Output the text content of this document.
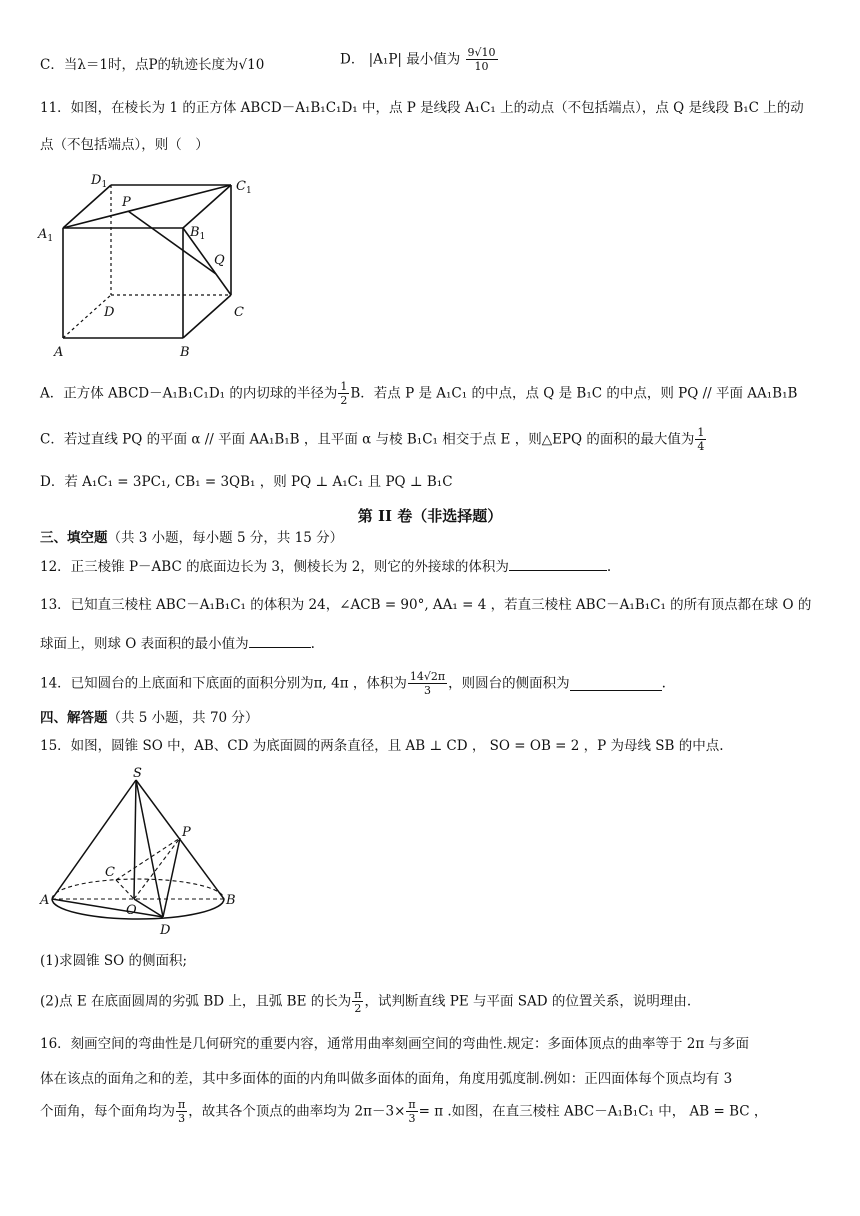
C．当λ＝1时，点P的轨迹长度为√10	D． |A₁P| 最小值为 $\frac{9√10}{10}$
11．如图，在棱长为 1 的正方体 ABCD－A₁B₁C₁D₁ 中，点 P 是线段 A₁C₁ 上的动点（不包括端点），点 Q 是线段 B₁C 上的动
点（不包括端点），则（　）
$D_1$	$C_1$
$A_1$	$B_1$
P
Q
D	C
A	B
A．正方体 ABCD－A₁B₁C₁D₁ 的内切球的半径为 $\frac{1}{2}$ B．若点 P 是 A₁C₁ 的中点，点 Q 是 B₁C 的中点，则 PQ // 平面 AA₁B₁B
C．若过直线 PQ 的平面 α // 平面 AA₁B₁B ，且平面 α 与棱 B₁C₁ 相交于点 E ，则△EPQ 的面积的最大值为 $\frac{1}{4}$
D．若 A₁C₁ = 3PC₁, CB₁ = 3QB₁ ，则 PQ ⊥ A₁C₁ 且 PQ ⊥ B₁C
第 II 卷（非选择题）
三、填空题（共 3 小题，每小题 5 分，共 15 分）
12．正三棱锥 P－ABC 的底面边长为 3，侧棱长为 2，则它的外接球的体积为	.
13．已知直三棱柱 ABC－A₁B₁C₁ 的体积为 24，∠ACB = 90°, AA₁ = 4 ，若直三棱柱 ABC－A₁B₁C₁ 的所有顶点都在球 O 的
球面上，则球 O 表面积的最小值为	.
14．已知圆台的上底面和下底面的面积分别为π, 4π ，体积为 $\frac{14√2\pi}{3}$ ，则圆台的侧面积为	.
四、解答题（共 5 小题，共 70 分）
15．如图，圆锥 SO 中，AB、CD 为底面圆的两条直径，且 AB ⊥ CD ， SO = OB = 2 ，P 为母线 SB 的中点.
S
P
C
A
O
B
D
(1)求圆锥 SO 的侧面积;
(2)点 E 在底面圆周的劣弧 BD 上，且弧 BE 的长为 $\frac{\pi}{2}$ ，试判断直线 PE 与平面 SAD 的位置关系，说明理由.
16．刻画空间的弯曲性是几何研究的重要内容，通常用曲率刻画空间的弯曲性.规定：多面体顶点的曲率等于 2π 与多面
体在该点的面角之和的差，其中多面体的面的内角叫做多面体的面角，角度用弧度制.例如：正四面体每个顶点均有 3
个面角，每个面角均为 $\frac{\pi}{3}$ ，故其各个顶点的曲率均为 $2\pi-3\times \frac{\pi}{3} = \pi$ .如图，在直三棱柱 ABC－A₁B₁C₁ 中， AB = BC ，
